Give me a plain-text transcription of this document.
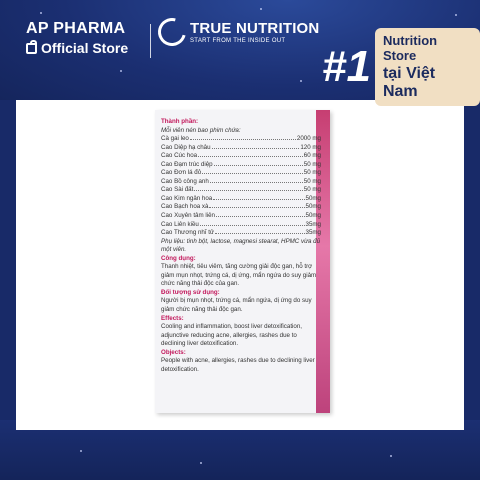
AP PHARMA
Official Store
TRUE NUTRITION
START FROM THE INSIDE OUT
#1
Nutrition Store
tại Việt Nam
Thành phần:
Mỗi viên nén bao phim chứa:
Cà gai leo	2000 mg
Cao Diệp hạ châu	120 mg
Cao Cúc hoa	60 mg
Cao Đạm trúc diệp	50 mg
Cao Đơn lá đỏ	50 mg
Cao Bồ công anh	50 mg
Cao Sài đất	50 mg
Cao Kim ngân hoa	50mg
Cao Bạch hoa xà	50mg
Cao Xuyên tâm liên	50mg
Cao Liên kiều	35mg
Cao Thương nhĩ tử	35mg
Phụ liệu: tinh bột, lactose, magnesi stearat, HPMC vừa đủ một viên.
Công dụng:
Thanh nhiệt, tiêu viêm, tăng cường giải độc gan, hỗ trợ giảm mụn nhọt, trứng cá, dị ứng, mẩn ngứa do suy giảm chức năng thải độc của gan.
Đối tượng sử dụng:
Người bị mụn nhọt, trứng cá, mẩn ngứa, dị ứng do suy giảm chức năng thải độc gan.
Effects:
Cooling and inflammation, boost liver detoxification, adjunctive reducing acne, allergies, rashes due to declining liver detoxification.
Objects:
People with acne, allergies, rashes due to declining liver detoxification.
